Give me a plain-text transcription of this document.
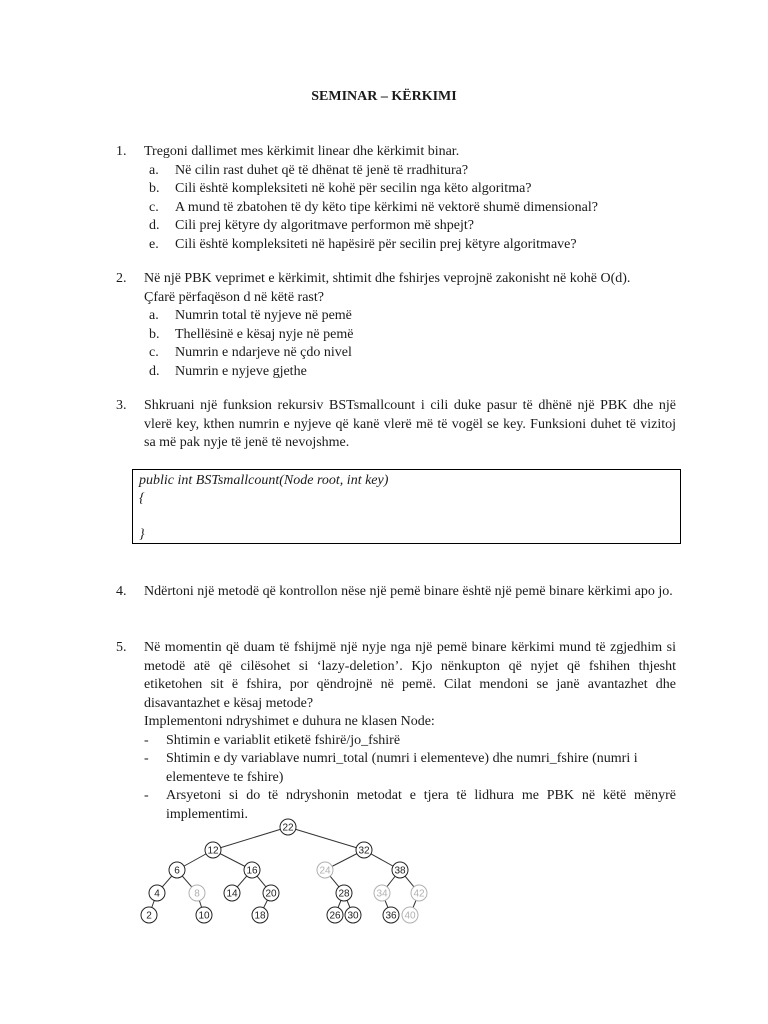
SEMINAR – KËRKIMI
1. Tregoni dallimet mes kërkimit linear dhe kërkimit binar.
a.	Në cilin rast duhet që të dhënat të jenë të rradhitura?
b.	Cili është kompleksiteti në kohë për secilin nga këto algoritma?
c.	A mund të zbatohen të dy këto tipe kërkimi në vektorë shumë dimensional?
d.	Cili prej këtyre dy algoritmave performon më shpejt?
e.	Cili është kompleksiteti në hapësirë për secilin prej këtyre algoritmave?
2. Në një PBK veprimet e kërkimit, shtimit dhe fshirjes veprojnë zakonisht në kohë O(d).
Çfarë përfaqëson d në këtë rast?
a.	Numrin total të nyjeve në pemë
b.	Thellësinë e kësaj nyje në pemë
c.	Numrin e ndarjeve në çdo nivel
d.	Numrin e nyjeve gjethe
3. Shkruani një funksion rekursiv BSTsmallcount i cili duke pasur të dhënë një PBK dhe një vlerë key, kthen numrin e nyjeve që kanë vlerë më të vogël se key. Funksioni duhet të vizitoj sa më pak nyje të jenë të nevojshme.
public int BSTsmallcount(Node root, int key)
{

}
4. Ndërtoni një metodë që kontrollon nëse një pemë binare është një pemë binare kërkimi apo jo.
5. Në momentin që duam të fshijmë një nyje nga një pemë binare kërkimi mund të zgjedhim si metodë atë që cilësohet si ‘lazy-deletion’. Kjo nënkupton që nyjet që fshihen thjesht etiketohen sit ë fshira, por qëndrojnë në pemë. Cilat mendoni se janë avantazhet dhe disavantazhet e kësaj metode?
Implementoni ndryshimet e duhura ne klasen Node:
-	Shtimin e variablit etiketë fshirë/jo_fshirë
-	Shtimin e dy variablave numri_total (numri i elementeve) dhe numri_fshire (numri i elementeve te fshire)
-	Arsyetoni si do të ndryshonin metodat e tjera të lidhura me PBK në këtë mënyrë implementimi.
22
12	32
6	16	24	38
4	8	14	20	28	34	42
2	10	18	26 30	36 40
